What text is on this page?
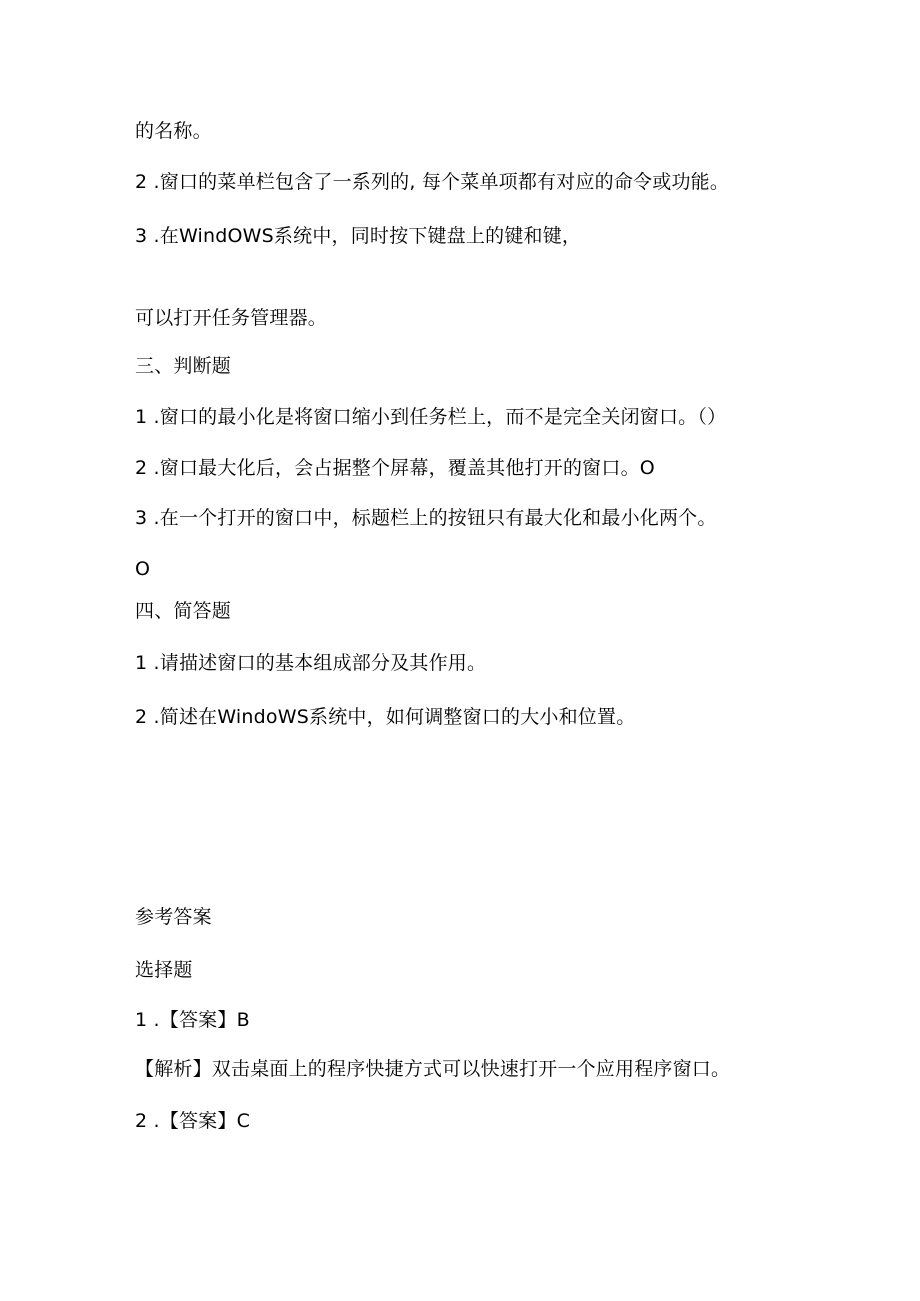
的名称。
2 .窗口的菜单栏包含了一系列的, 每个菜单项都有对应的命令或功能。
3 .在WindOWS系统中，同时按下键盘上的键和键，
可以打开任务管理器。
三、判断题
1 .窗口的最小化是将窗口缩小到任务栏上，而不是完全关闭窗口。（）
2 .窗口最大化后，会占据整个屏幕，覆盖其他打开的窗口。O
3 .在一个打开的窗口中，标题栏上的按钮只有最大化和最小化两个。
O
四、简答题
1 .请描述窗口的基本组成部分及其作用。
2 .简述在WindoWS系统中，如何调整窗口的大小和位置。
参考答案
选择题
1 .【答案】B
【解析】双击桌面上的程序快捷方式可以快速打开一个应用程序窗口。
2 .【答案】C
